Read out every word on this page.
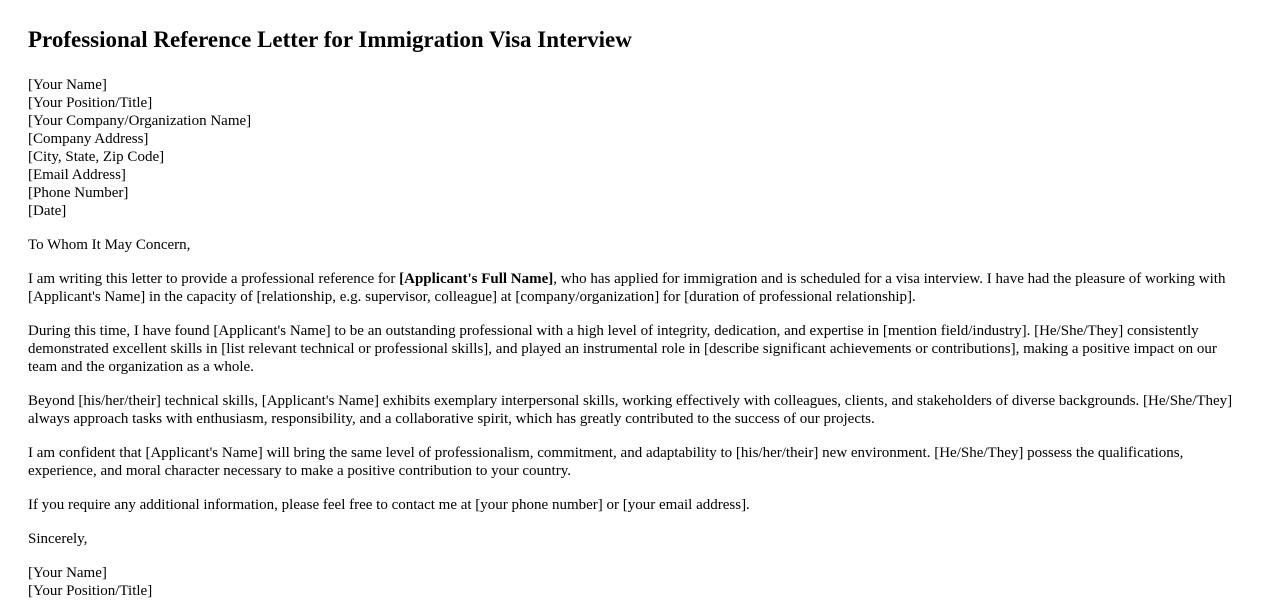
Professional Reference Letter for Immigration Visa Interview
[Your Name]
[Your Position/Title]
[Your Company/Organization Name]
[Company Address]
[City, State, Zip Code]
[Email Address]
[Phone Number]
[Date]

To Whom It May Concern,

I am writing this letter to provide a professional reference for [Applicant's Full Name], who has applied for immigration and is scheduled for a visa interview. I have had the pleasure of working with [Applicant's Name] in the capacity of [relationship, e.g. supervisor, colleague] at [company/organization] for [duration of professional relationship].

During this time, I have found [Applicant's Name] to be an outstanding professional with a high level of integrity, dedication, and expertise in [mention field/industry]. [He/She/They] consistently demonstrated excellent skills in [list relevant technical or professional skills], and played an instrumental role in [describe significant achievements or contributions], making a positive impact on our team and the organization as a whole.

Beyond [his/her/their] technical skills, [Applicant's Name] exhibits exemplary interpersonal skills, working effectively with colleagues, clients, and stakeholders of diverse backgrounds. [He/She/They] always approach tasks with enthusiasm, responsibility, and a collaborative spirit, which has greatly contributed to the success of our projects.

I am confident that [Applicant's Name] will bring the same level of professionalism, commitment, and adaptability to [his/her/their] new environment. [He/She/They] possess the qualifications, experience, and moral character necessary to make a positive contribution to your country.

If you require any additional information, please feel free to contact me at [your phone number] or [your email address].

Sincerely,

[Your Name]
[Your Position/Title]
